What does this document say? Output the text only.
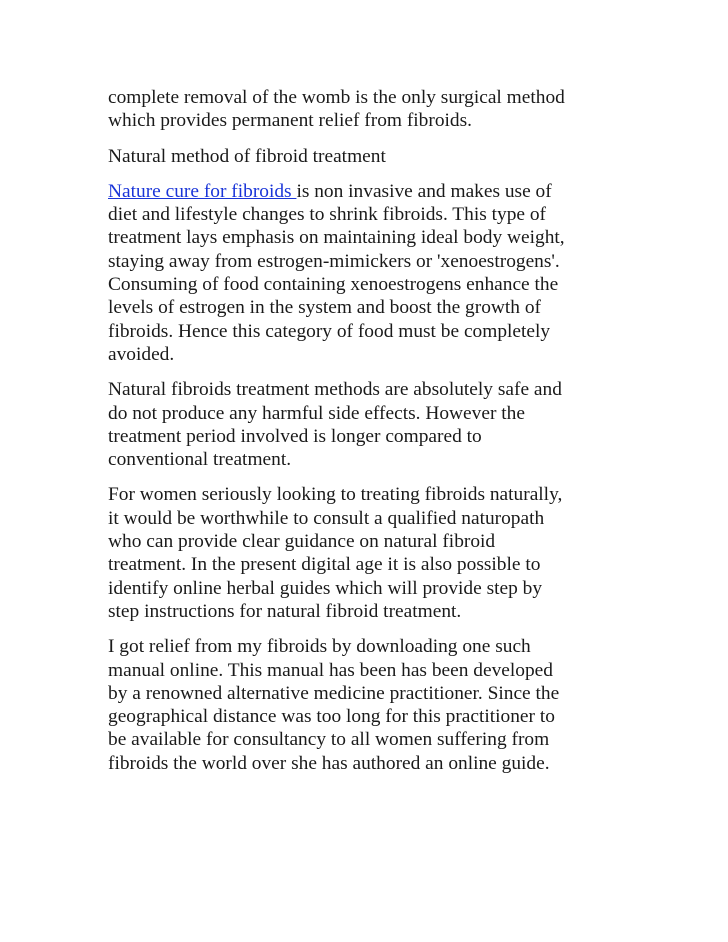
complete removal of the womb is the only surgical method
which provides permanent relief from fibroids.

Natural method of fibroid treatment

Nature cure for fibroids is non invasive and makes use of
diet and lifestyle changes to shrink fibroids. This type of
treatment lays emphasis on maintaining ideal body weight,
staying away from estrogen-mimickers or 'xenoestrogens'.
Consuming of food containing xenoestrogens enhance the
levels of estrogen in the system and boost the growth of
fibroids. Hence this category of food must be completely
avoided.

Natural fibroids treatment methods are absolutely safe and
do not produce any harmful side effects. However the
treatment period involved is longer compared to
conventional treatment.

For women seriously looking to treating fibroids naturally,
it would be worthwhile to consult a qualified naturopath
who can provide clear guidance on natural fibroid
treatment. In the present digital age it is also possible to
identify online herbal guides which will provide step by
step instructions for natural fibroid treatment.

I got relief from my fibroids by downloading one such
manual online. This manual has been has been developed
by a renowned alternative medicine practitioner. Since the
geographical distance was too long for this practitioner to
be available for consultancy to all women suffering from
fibroids the world over she has authored an online guide.
